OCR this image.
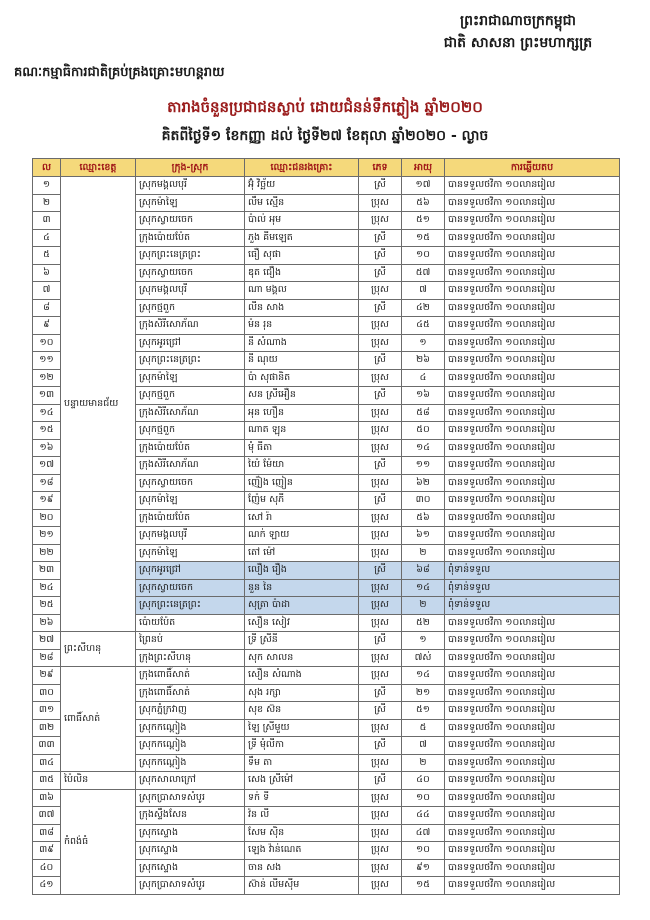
ព្រះរាជាណាចក្រកម្ពុជា
ជាតិ សាសនា ព្រះមហាក្សត្រ
គណៈកម្មាធិការជាតិគ្រប់គ្រងគ្រោះមហន្តរាយ
តារាងចំនួនប្រជាជនស្លាប់ ដោយជំនន់ទឹកភ្លៀង ឆ្នាំ២០២០
គិតពីថ្ងៃទី១ ខែកញ្ញា ដល់ ថ្ងៃទី២៧ ខែតុលា ឆ្នាំ២០២០ - ល្ងាច
ល	ឈ្មោះខេត្ត	ក្រុង-ស្រុក	ឈ្មោះជនរងគ្រោះ	ភេទ	អាយុ	ការឆ្លើយតប
១	បន្ទាយមានជ័យ	ស្រុកមង្គលបុរី	អ៊ុំ វិច្ឆ័យ	ស្រី	១៧	បានទទួលថវិកា ១០លានរៀល
២		ស្រុកម៉ាឡៃ	លឹម ស្មើន	ប្រុស	៥៦	បានទទួលថវិកា ១០លានរៀល
៣		ស្រុកស្វាយចេក	ប៉ាល់ អុម	ប្រុស	៥១	បានទទួលថវិកា ១០លានរៀល
៤		ក្រុងប៉ោយប៉ែត	ភួង គីមឡេត	ស្រី	១៥	បានទទួលថវិកា ១០លានរៀល
៥		ស្រុកព្រះនេត្រព្រះ	ធឿ សុផា	ស្រី	១០	បានទទួលថវិកា ១០លានរៀល
៦		ស្រុកស្វាយចេក	ឌុត ជឿង	ស្រី	៥៧	បានទទួលថវិកា ១០លានរៀល
៧		ស្រុកមង្គលបុរី	ណា មង្គល	ប្រុស	៧	បានទទួលថវិកា ១០លានរៀល
៨		ស្រុកថ្មពួក	លីន សាង	ស្រី	៤២	បានទទួលថវិកា ១០លានរៀល
៩		ក្រុងសិរីសោភ័ណ	ម៉ន រុន	ប្រុស	៤៥	បានទទួលថវិកា ១០លានរៀល
១០		ស្រុកអូរជ្រៅ	នី សំណាង	ប្រុស	១	បានទទួលថវិកា ១០លានរៀល
១១		ស្រុកព្រះនេត្រព្រះ	នី ណុយ	ស្រី	២៦	បានទទួលថវិកា ១០លានរៀល
១២		ស្រុកម៉ាឡៃ	ប៉ា សុផានិត	ប្រុស	៤	បានទទួលថវិកា ១០លានរៀល
១៣		ស្រុកថ្មពួក	សន ស្រីអឿន	ស្រី	១៦	បានទទួលថវិកា ១០លានរៀល
១៤		ក្រុងសិរីសោភ័ណ	អុន ហឿន	ប្រុស	៥៨	បានទទួលថវិកា ១០លានរៀល
១៥		ស្រុកថ្មពួក	ណាត ឡុន	ប្រុស	៥០	បានទទួលថវិកា ១០លានរៀល
១៦		ក្រុងប៉ោយប៉ែត	មុំ ធីតា	ប្រុស	១៤	បានទទួលថវិកា ១០លានរៀល
១៧		ក្រុងសិរីសោភ័ណ	យ៉ៃ ម៉ែយា	ស្រី	១១	បានទទួលថវិកា ១០លានរៀល
១៨		ស្រុកស្វាយចេក	ញ៉ៀង ញៀន	ប្រុស	៦២	បានទទួលថវិកា ១០លានរៀល
១៩		ស្រុកម៉ាឡៃ	ញ៉ែម សុភី	ស្រី	៣០	បានទទួលថវិកា ១០លានរៀល
២០		ក្រុងប៉ោយប៉ែត	សៅ រ៉ា	ប្រុស	៥៦	បានទទួលថវិកា ១០លានរៀល
២១		ស្រុកមង្គលបុរី	ណក់ ឡាយ	ប្រុស	៦១	បានទទួលថវិកា ១០លានរៀល
២២		ស្រុកម៉ាឡៃ	តៅ ម៉ៅ	ប្រុស	២	បានទទួលថវិកា ១០លានរៀល
២៣		ស្រុកអូរជ្រៅ	លឿង រឿង	ស្រី	៦៨	ពុំទាន់ទទួល
២៤		ស្រុកស្វាយចេក	នួន នៃ	ប្រុស	១៤	ពុំទាន់ទទួល
២៥		ស្រុកព្រះនេត្រព្រះ	សុត្រា ប៉ាដា	ប្រុស	២	ពុំទាន់ទទួល
២៦		ប៉ោយប៉ែត	សឿន សៀវ	ប្រុស	៥២	បានទទួលថវិកា ១០លានរៀល
២៧	ព្រះសីហនុ	ព្រៃនប់	ទ្រី ស្រីនី	ស្រី	១	បានទទួលថវិកា ១០លានរៀល
២៨		ក្រុងព្រះសីហនុ	សុក សាលន	ប្រុស	៧ស់	បានទទួលថវិកា ១០លានរៀល
២៩	ពោធិ៍សាត់	ក្រុងពោធិ៍សាត់	សឿន សំណាង	ប្រុស	១៤	បានទទួលថវិកា ១០លានរៀល
៣០		ក្រុងពោធិ៍សាត់	សុង រក្សា	ស្រី	២១	បានទទួលថវិកា ១០លានរៀល
៣១		ស្រុកភ្នំក្រវាញ	សុខ ស៊ន	ស្រី	៥១	បានទទួលថវិកា ១០លានរៀល
៣២		ស្រុកកណ្ដៀង	ឡៃ ស្រីមួយ	ប្រុស	៥	បានទទួលថវិកា ១០លានរៀល
៣៣		ស្រុកកណ្ដៀង	ទ្រី មុំលីកា	ស្រី	៧	បានទទួលថវិកា ១០លានរៀល
៣៤		ស្រុកកណ្ដៀង	ទឹម តា	ប្រុស	២	បានទទួលថវិកា ១០លានរៀល
៣៥	ប៉ៃលិន	ស្រុកសាលាក្រៅ	សេង ស្រីម៉ៅ	ស្រី	៤០	បានទទួលថវិកា ១០លានរៀល
៣៦	កំពង់ធំ	ស្រុកប្រាសាទសំបូរ	ទក់ ទី	ប្រុស	១០	បានទទួលថវិកា ១០លានរៀល
៣៧		ក្រុងស្ទឹងសែន	វ៉ន លី	ប្រុស	៤៤	បានទទួលថវិកា ១០លានរៀល
៣៨		ស្រុកស្ទោង	សែម ស៊ិន	ប្រុស	៤៧	បានទទួលថវិកា ១០លានរៀល
៣៩		ស្រុកស្ទោង	ឡេង វ៉ាន់ណេត	ប្រុស	១០	បានទទួលថវិកា ១០លានរៀល
៤០		ស្រុកស្ទោង	ចាន សង	ប្រុស	៩១	បានទទួលថវិកា ១០លានរៀល
៤១		ស្រុកប្រាសាទសំបូរ	ស៊ាន់ លីមស៊ីម	ប្រុស	១៥	បានទទួលថវិកា ១០លានរៀល
